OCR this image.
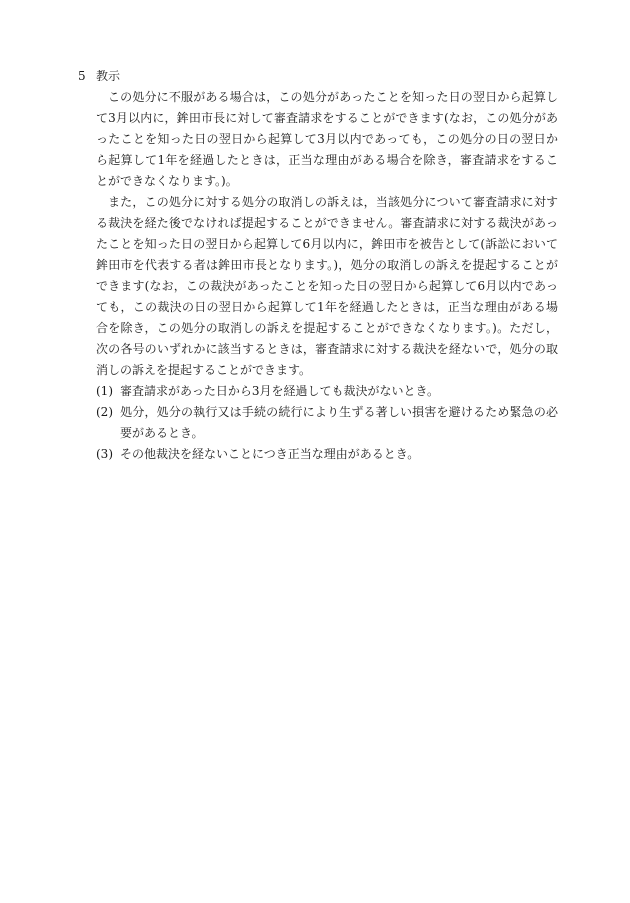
5 教示

この処分に不服がある場合は，この処分があったことを知った日の翌日から起算して3月以内に，鉾田市長に対して審査請求をすることができます(なお，この処分があったことを知った日の翌日から起算して3月以内であっても，この処分の日の翌日から起算して1年を経過したときは，正当な理由がある場合を除き，審査請求をすることができなくなります。)。

また，この処分に対する処分の取消しの訴えは，当該処分について審査請求に対する裁決を経た後でなければ提起することができません。審査請求に対する裁決があったことを知った日の翌日から起算して6月以内に，鉾田市を被告として(訴訟において鉾田市を代表する者は鉾田市長となります。)，処分の取消しの訴えを提起することができます(なお，この裁決があったことを知った日の翌日から起算して6月以内であっても，この裁決の日の翌日から起算して1年を経過したときは，正当な理由がある場合を除き，この処分の取消しの訴えを提起することができなくなります。)。ただし，次の各号のいずれかに該当するときは，審査請求に対する裁決を経ないで，処分の取消しの訴えを提起することができます。

(1) 審査請求があった日から3月を経過しても裁決がないとき。

(2) 処分，処分の執行又は手続の続行により生ずる著しい損害を避けるため緊急の必要があるとき。

(3) その他裁決を経ないことにつき正当な理由があるとき。
